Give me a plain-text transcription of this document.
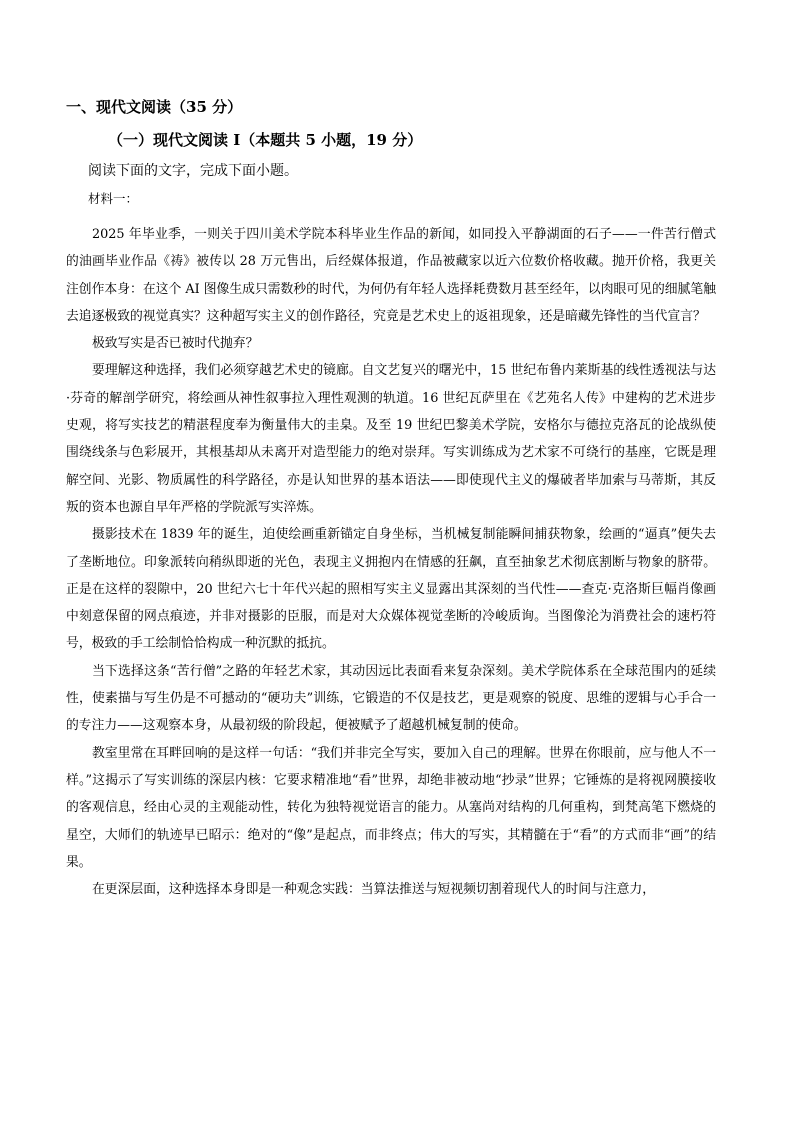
一、现代文阅读（35 分）
（一）现代文阅读 I（本题共 5 小题，19 分）
阅读下面的文字，完成下面小题。
材料一：

2025 年毕业季，一则关于四川美术学院本科毕业生作品的新闻，如同投入平静湖面的石子——一件苦行僧式的油画毕业作品《祷》被传以 28 万元售出，后经媒体报道，作品被藏家以近六位数价格收藏。抛开价格，我更关注创作本身：在这个 AI 图像生成只需数秒的时代，为何仍有年轻人选择耗费数月甚至经年，以肉眼可见的细腻笔触去追逐极致的视觉真实？这种超写实主义的创作路径，究竟是艺术史上的返祖现象，还是暗藏先锋性的当代宣言？

极致写实是否已被时代抛弃？

要理解这种选择，我们必须穿越艺术史的镜廊。自文艺复兴的曙光中，15 世纪布鲁内莱斯基的线性透视法与达·芬奇的解剖学研究，将绘画从神性叙事拉入理性观测的轨道。16 世纪瓦萨里在《艺苑名人传》中建构的艺术进步史观，将写实技艺的精湛程度奉为衡量伟大的圭臬。及至 19 世纪巴黎美术学院，安格尔与德拉克洛瓦的论战纵使围绕线条与色彩展开，其根基却从未离开对造型能力的绝对崇拜。写实训练成为艺术家不可绕行的基座，它既是理解空间、光影、物质属性的科学路径，亦是认知世界的基本语法——即使现代主义的爆破者毕加索与马蒂斯，其反叛的资本也源自早年严格的学院派写实淬炼。

摄影技术在 1839 年的诞生，迫使绘画重新锚定自身坐标，当机械复制能瞬间捕获物象，绘画的“逼真”便失去了垄断地位。印象派转向稍纵即逝的光色，表现主义拥抱内在情感的狂飙，直至抽象艺术彻底割断与物象的脐带。正是在这样的裂隙中，20 世纪六七十年代兴起的照相写实主义显露出其深刻的当代性——查克·克洛斯巨幅肖像画中刻意保留的网点痕迹，并非对摄影的臣服，而是对大众媒体视觉垄断的冷峻质询。当图像沦为消费社会的速朽符号，极致的手工绘制恰恰构成一种沉默的抵抗。

当下选择这条“苦行僧”之路的年轻艺术家，其动因远比表面看来复杂深刻。美术学院体系在全球范围内的延续性，使素描与写生仍是不可撼动的“硬功夫”训练，它锻造的不仅是技艺，更是观察的锐度、思维的逻辑与心手合一的专注力——这观察本身，从最初级的阶段起，便被赋予了超越机械复制的使命。

教室里常在耳畔回响的是这样一句话：“我们并非完全写实，要加入自己的理解。世界在你眼前，应与他人不一样。”这揭示了写实训练的深层内核：它要求精准地“看”世界，却绝非被动地“抄录”世界；它锤炼的是将视网膜接收的客观信息，经由心灵的主观能动性，转化为独特视觉语言的能力。从塞尚对结构的几何重构，到梵高笔下燃烧的星空，大师们的轨迹早已昭示：绝对的“像”是起点，而非终点；伟大的写实，其精髓在于“看”的方式而非“画”的结果。

在更深层面，这种选择本身即是一种观念实践：当算法推送与短视频切割着现代人的时间与注意力，
